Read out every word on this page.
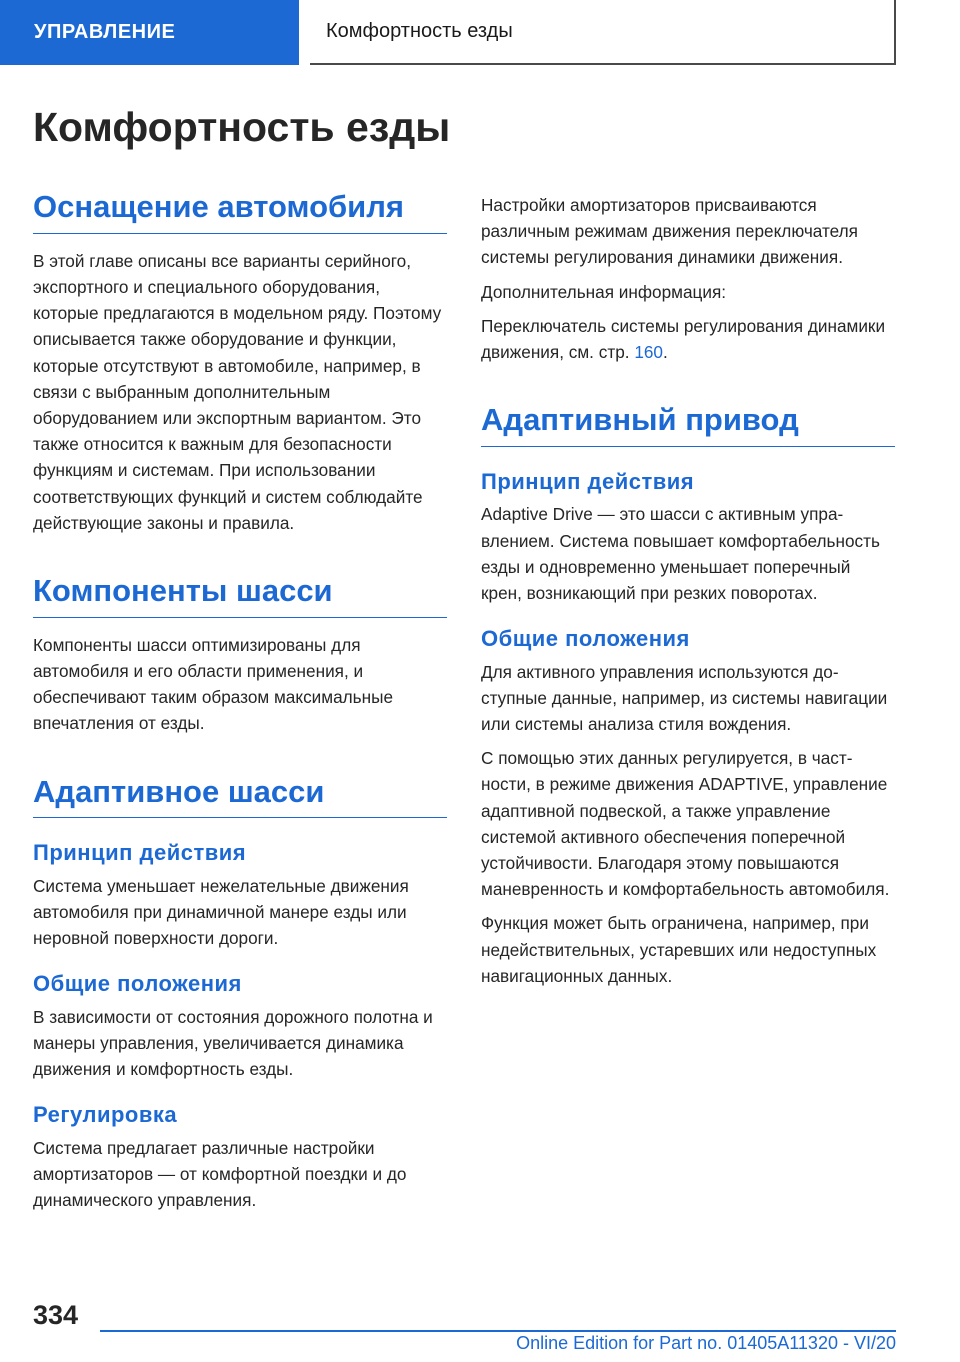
УПРАВЛЕНИЕ	Комфортность езды
Комфортность езды
Оснащение автомобиля

В этой главе описаны все варианты серийного, экспортного и специального оборудования, которые предлагаются в модельном ряду. Поэтому описывается также оборудование и функции, которые отсутствуют в автомобиле, например, в связи с выбранным дополнительным оборудованием или экспортным вариантом. Это также относится к важным для безопасности функциям и системам. При использовании соответствующих функций и систем соблюдайте действующие законы и правила.

Компоненты шасси

Компоненты шасси оптимизированы для автомобиля и его области применения, и обеспечивают таким образом максимальные впечатления от езды.

Адаптивное шасси
Принцип действия

Система уменьшает нежелательные движения автомобиля при динамичной манере езды или неровной поверхности дороги.

Общие положения

В зависимости от состояния дорожного полотна и манеры управления, увеличивается динамика движения и комфортность езды.

Регулировка

Система предлагает различные настройки амортизаторов — от комфортной поездки и до динамического управления.

Настройки амортизаторов присваиваются различным режимам движения переключателя системы регулирования динамики движения.

Дополнительная информация:

Переключатель системы регулирования динамики движения, см. стр. 160.

Адаптивный привод
Принцип действия

Adaptive Drive — это шасси с активным управлением. Система повышает комфортабельность езды и одновременно уменьшает поперечный крен, возникающий при резких поворотах.

Общие положения

Для активного управления используются доступные данные, например, из системы навигации или системы анализа стиля вождения.

С помощью этих данных регулируется, в частности, в режиме движения ADAPTIVE, управление адаптивной подвеской, а также управление системой активного обеспечения поперечной устойчивости. Благодаря этому повышаются маневренность и комфортабельность автомобиля.

Функция может быть ограничена, например, при недействительных, устаревших или недоступных навигационных данных.

334
Online Edition for Part no. 01405A11320 - VI/20
